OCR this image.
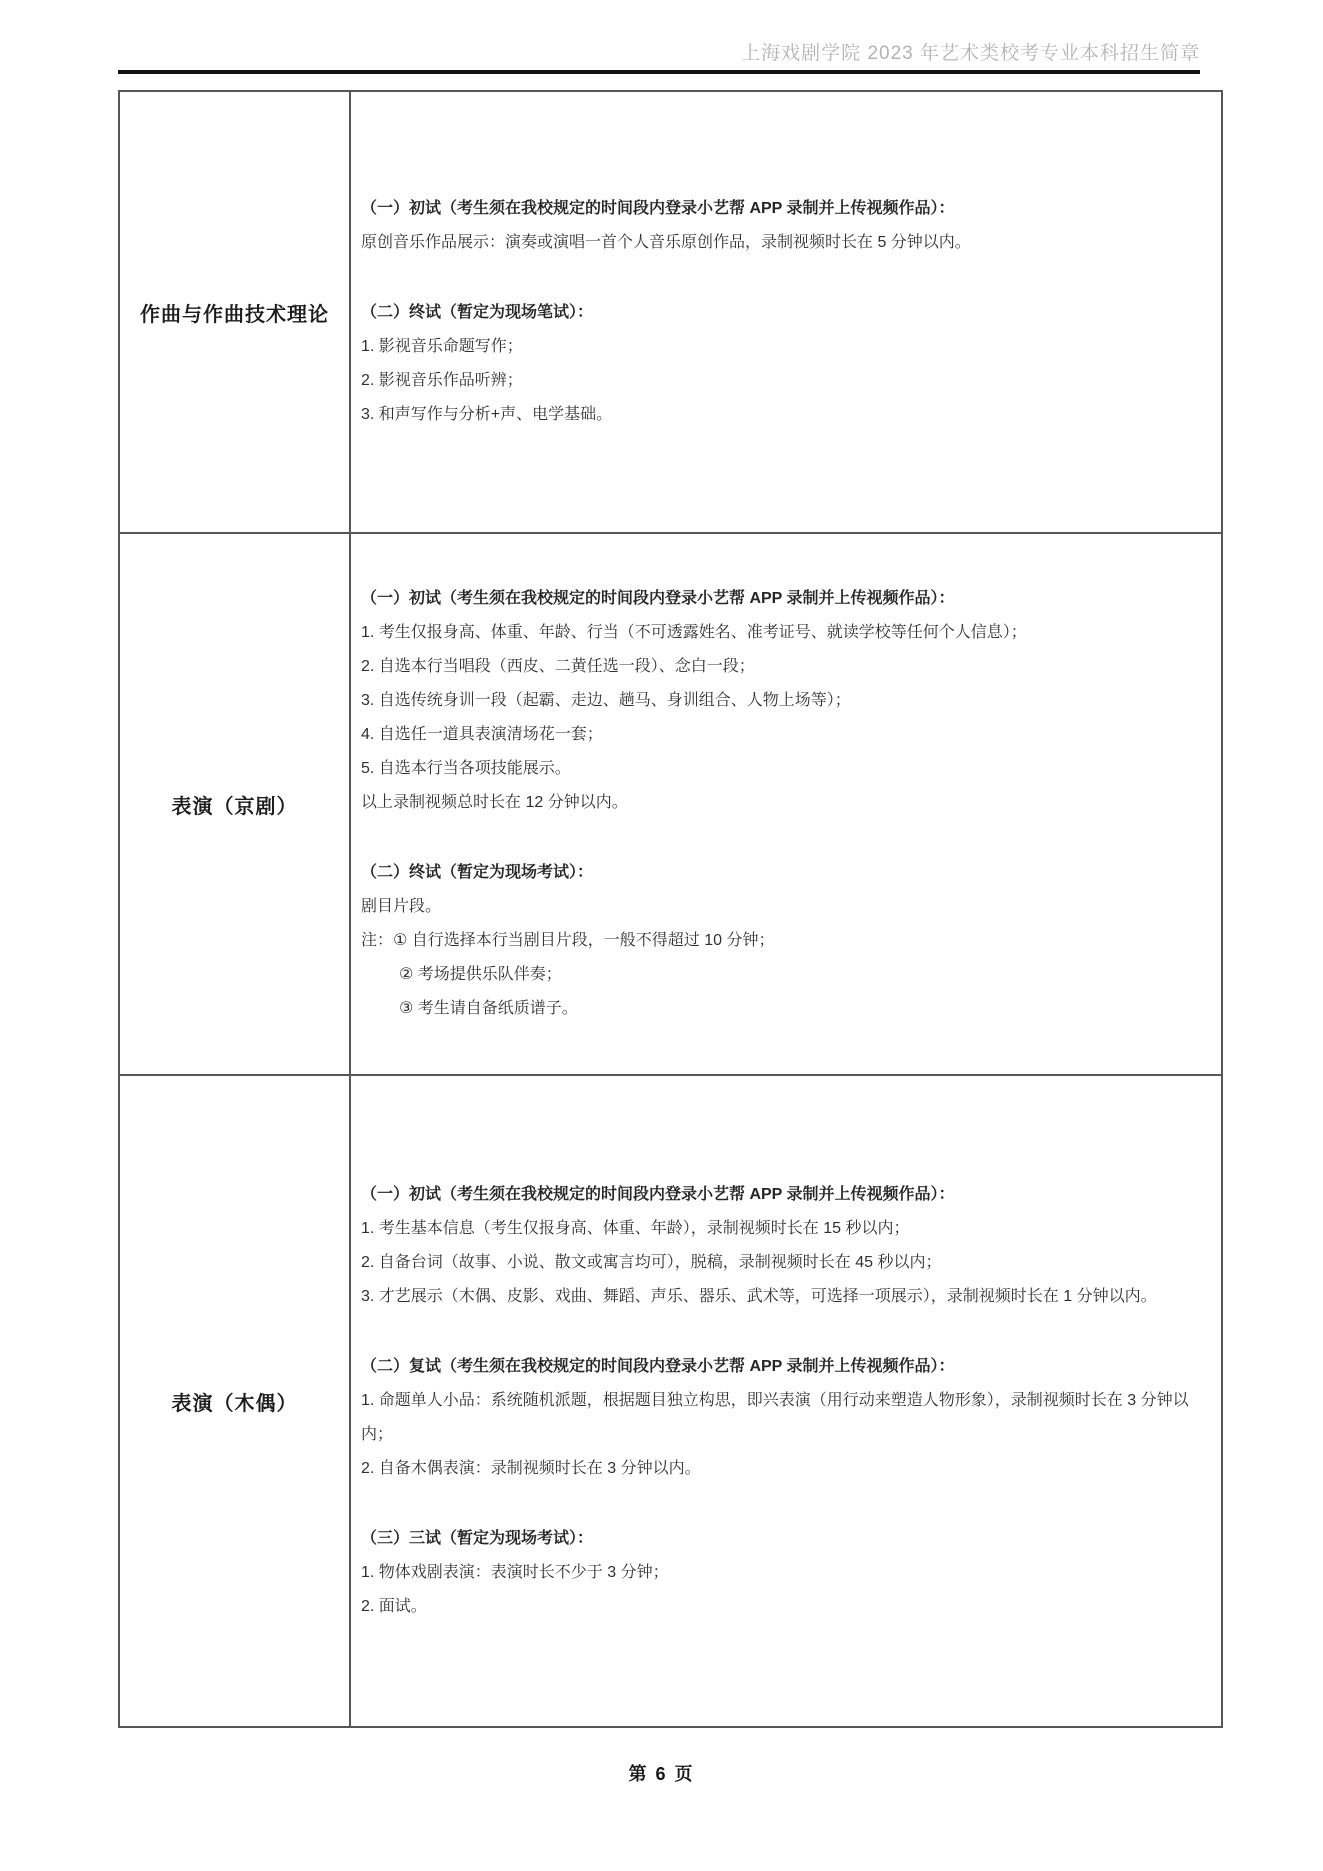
上海戏剧学院 2023 年艺术类校考专业本科招生简章
作曲与作曲技术理论	

（一）初试（考生须在我校规定的时间段内登录小艺帮 APP 录制并上传视频作品）：

原创音乐作品展示：演奏或演唱一首个人音乐原创作品，录制视频时长在 5 分钟以内。

（二）终试（暂定为现场笔试）：

1. 影视音乐命题写作；

2. 影视音乐作品听辨；

3. 和声写作与分析+声、电学基础。

表演（京剧）	

（一）初试（考生须在我校规定的时间段内登录小艺帮 APP 录制并上传视频作品）：

1. 考生仅报身高、体重、年龄、行当（不可透露姓名、准考证号、就读学校等任何个人信息）；

2. 自选本行当唱段（西皮、二黄任选一段）、念白一段；

3. 自选传统身训一段（起霸、走边、趟马、身训组合、人物上场等）；

4. 自选任一道具表演清场花一套；

5. 自选本行当各项技能展示。

以上录制视频总时长在 12 分钟以内。

（二）终试（暂定为现场考试）：

剧目片段。

注：① 自行选择本行当剧目片段，一般不得超过 10 分钟；

② 考场提供乐队伴奏；

③ 考生请自备纸质谱子。

表演（木偶）	

（一）初试（考生须在我校规定的时间段内登录小艺帮 APP 录制并上传视频作品）：

1. 考生基本信息（考生仅报身高、体重、年龄），录制视频时长在 15 秒以内；

2. 自备台词（故事、小说、散文或寓言均可），脱稿，录制视频时长在 45 秒以内；

3. 才艺展示（木偶、皮影、戏曲、舞蹈、声乐、器乐、武术等，可选择一项展示），录制视频时长在 1 分钟以内。

（二）复试（考生须在我校规定的时间段内登录小艺帮 APP 录制并上传视频作品）：

1. 命题单人小品：系统随机派题，根据题目独立构思，即兴表演（用行动来塑造人物形象），录制视频时长在 3 分钟以内；

2. 自备木偶表演：录制视频时长在 3 分钟以内。

（三）三试（暂定为现场考试）：

1. 物体戏剧表演：表演时长不少于 3 分钟；

2. 面试。

第 6 页
